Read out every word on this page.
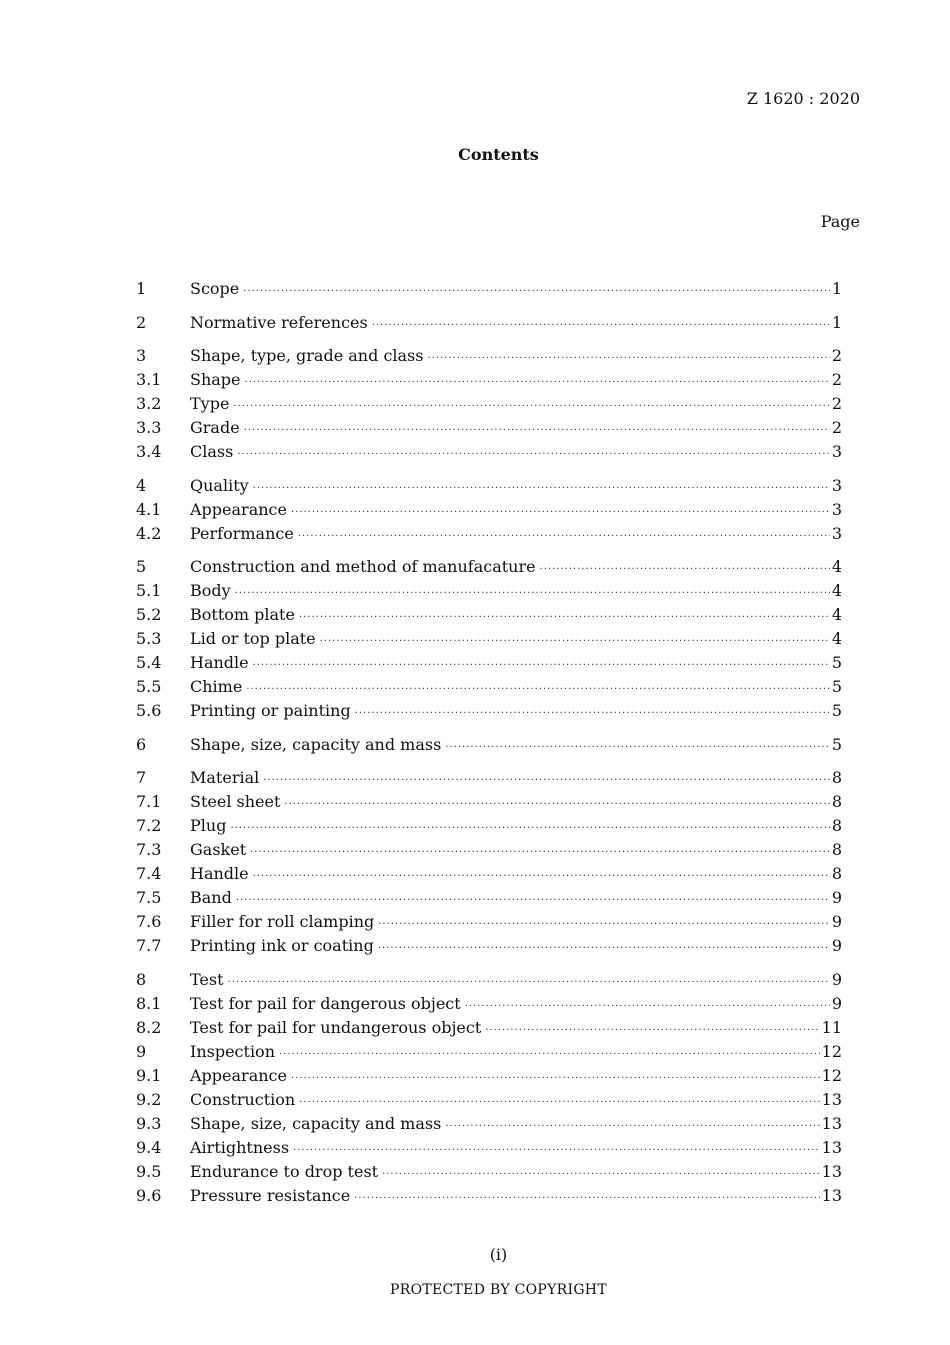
Z 1620 : 2020
Contents
Page
1	Scope ·····	1
2	Normative references ·····	1
3	Shape, type, grade and class ·····	2
3.1	Shape ·····	2
3.2	Type ·····	2
3.3	Grade ·····	2
3.4	Class ·····	3
4	Quality ·····	3
4.1	Appearance ·····	3
4.2	Performance ·····	3
5	Construction and method of manufacature ·····	4
5.1	Body ·····	4
5.2	Bottom plate ·····	4
5.3	Lid or top plate ·····	4
5.4	Handle ·····	5
5.5	Chime ·····	5
5.6	Printing or painting ·····	5
6	Shape, size, capacity and mass ·····	5
7	Material ·····	8
7.1	Steel sheet ·····	8
7.2	Plug ·····	8
7.3	Gasket ·····	8
7.4	Handle ·····	8
7.5	Band ·····	9
7.6	Filler for roll clamping ·····	9
7.7	Printing ink or coating ·····	9
8	Test ·····	9
8.1	Test for pail for dangerous object ·····	9
8.2	Test for pail for undangerous object ·····	11
9	Inspection ·····	12
9.1	Appearance ·····	12
9.2	Construction ·····	13
9.3	Shape, size, capacity and mass ·····	13
9.4	Airtightness ·····	13
9.5	Endurance to drop test ·····	13
9.6	Pressure resistance ·····	13
(i)
PROTECTED BY COPYRIGHT
